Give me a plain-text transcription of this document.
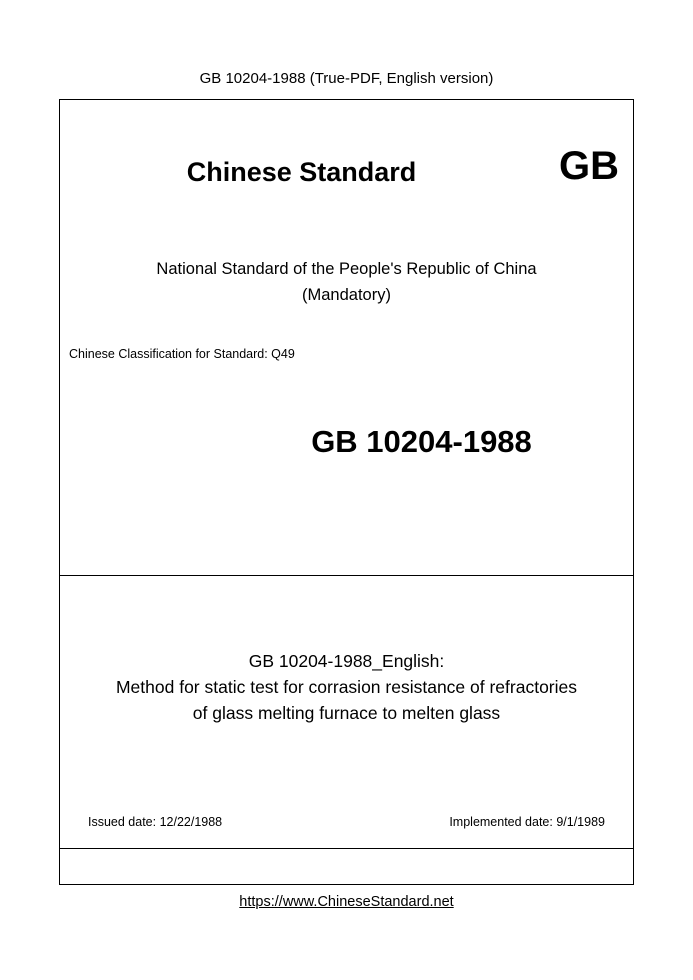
GB 10204-1988 (True-PDF, English version)
GB
Chinese Standard
National Standard of the People's Republic of China
(Mandatory)
Chinese Classification for Standard: Q49
GB 10204-1988
GB 10204-1988_English:
Method for static test for corrasion resistance of refractories
of glass melting furnace to melten glass
Issued date: 12/22/1988	Implemented date: 9/1/1989
https://www.ChineseStandard.net
